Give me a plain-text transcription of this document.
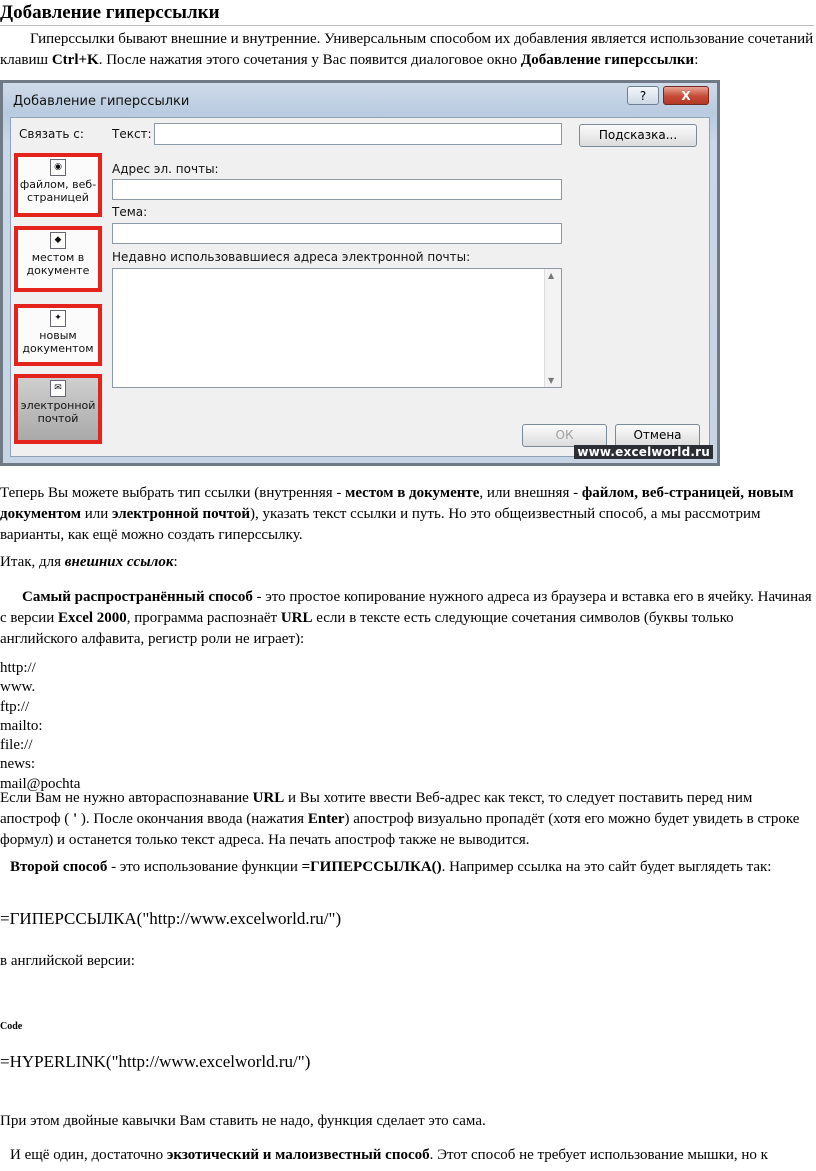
Добавление гиперссылки

Гиперссылки бывают внешние и внутренние. Универсальным способом их добавления является использование сочетаний клавиш Ctrl+K. После нажатия этого сочетания у Вас появится диалоговое окно Добавление гиперссылки:

Добавление гиперссылки	?	X
Связать с: Текст:	Подсказка...
Адрес эл. почты:
Тема:
Недавно использовавшиеся адреса электронной почты:
▲
▼
◉
файлом, веб-
страницей
◆
местом в
документе
✦
новым
документом
✉
электронной
почтой
ОК	Отмена
www.excelworld.ru

Теперь Вы можете выбрать тип ссылки (внутренняя - местом в документе, или внешняя - файлом, веб-страницей, новым документом или электронной почтой), указать текст ссылки и путь. Но это общеизвестный способ, а мы рассмотрим варианты, как ещё можно создать гиперссылку.

Итак, для внешних ссылок:

Самый распространённый способ - это простое копирование нужного адреса из браузера и вставка его в ячейку. Начиная с версии Excel 2000, программа распознаёт URL если в тексте есть следующие сочетания символов (буквы только английского алфавита, регистр роли не играет):

http://
www.
ftp://
mailto:
file://
news:
mail@pochta

Если Вам не нужно автораспознавание URL и Вы хотите ввести Веб-адрес как текст, то следует поставить перед ним апостроф ( ' ). После окончания ввода (нажатия Enter) апостроф визуально пропадёт (хотя его можно будет увидеть в строке формул) и останется только текст адреса. На печать апостроф также не выводится.

Второй способ - это использование функции =ГИПЕРССЫЛКА(). Например ссылка на это сайт будет выглядеть так:

=ГИПЕРССЫЛКА("http://www.excelworld.ru/")

в английской версии:

Code
=HYPERLINK("http://www.excelworld.ru/")

При этом двойные кавычки Вам ставить не надо, функция сделает это сама.

И ещё один, достаточно экзотический и малоизвестный способ. Этот способ не требует использование мышки, но к
